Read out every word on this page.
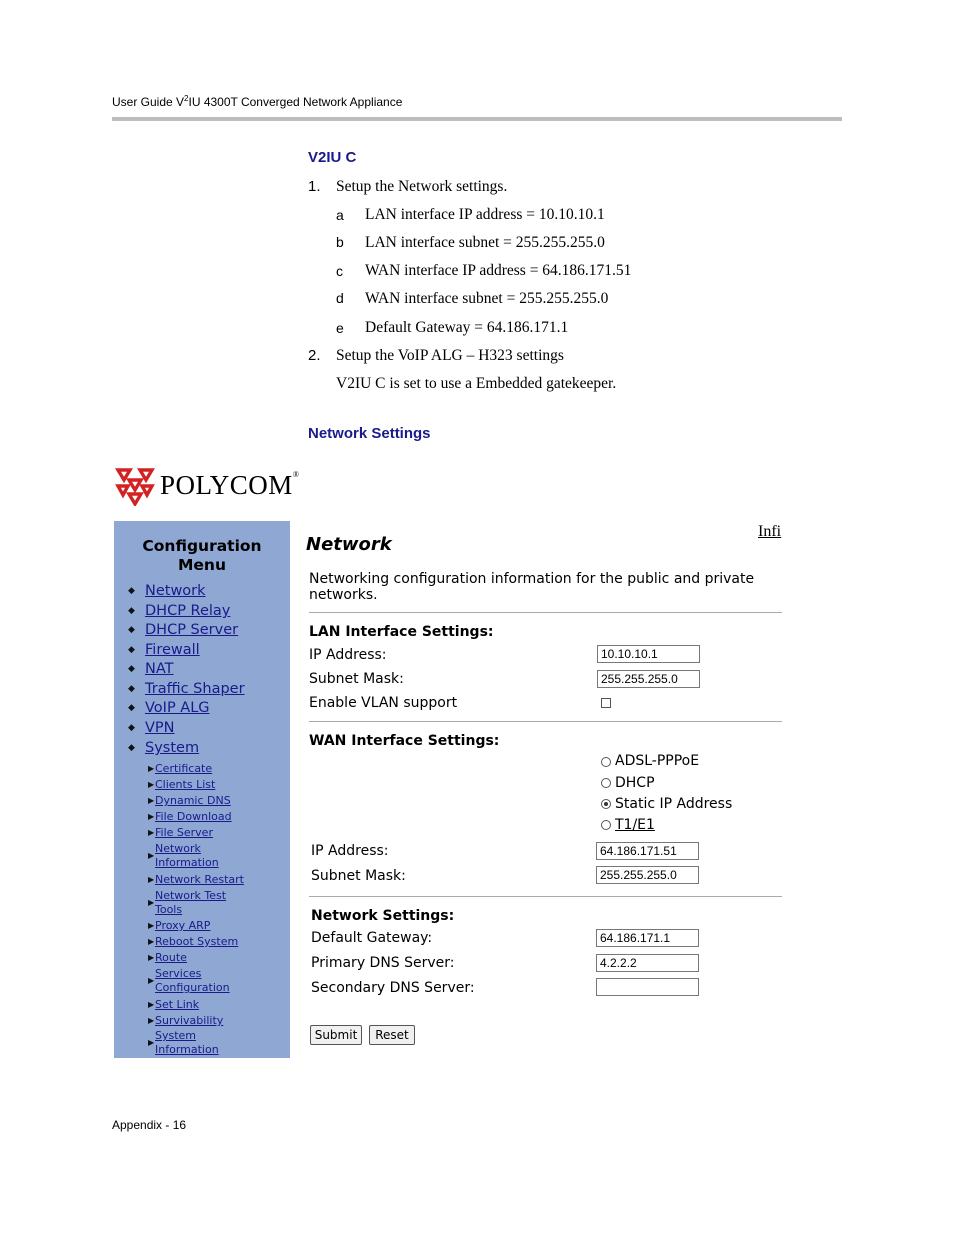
User Guide $V^2IU$ 4300T Converged Network Appliance
V2IU C
1. Setup the Network settings.
a LAN interface IP address = 10.10.10.1
b LAN interface subnet = 255.255.255.0
c WAN interface IP address = 64.186.171.51
d WAN interface subnet = 255.255.255.0
e Default Gateway = 64.186.171.1
2. Setup the VoIP ALG – H323 settings
V2IU C is set to use a Embedded gatekeeper.
Network Settings
POLYCOM®
Configuration
Menu
◆ Network
◆ DHCP Relay
◆ DHCP Server
◆ Firewall
◆ NAT
◆ Traffic Shaper
◆ VoIP ALG
◆ VPN
◆ System
▶ Certificate
▶ Clients List
▶ Dynamic DNS
▶ File Download
▶ File Server
▶
Network
Information
▶ Network Restart
▶
Network Test
Tools
▶ Proxy ARP
▶ Reboot System
▶ Route
▶
Services
Configuration
▶ Set Link
▶ Survivability
▶
System
Information
Network
Infi
Networking configuration information for the public and private
networks.
LAN Interface Settings:
IP Address:
10.10.10.1
Subnet Mask:
255.255.255.0
Enable VLAN support
WAN Interface Settings:
ADSL-PPPoE
DHCP
Static IP Address
T1/E1
IP Address:
64.186.171.51
Subnet Mask:
255.255.255.0
Network Settings:
Default Gateway:
64.186.171.1
Primary DNS Server:
4.2.2.2
Secondary DNS Server:
Submit	Reset
Appendix - 16
